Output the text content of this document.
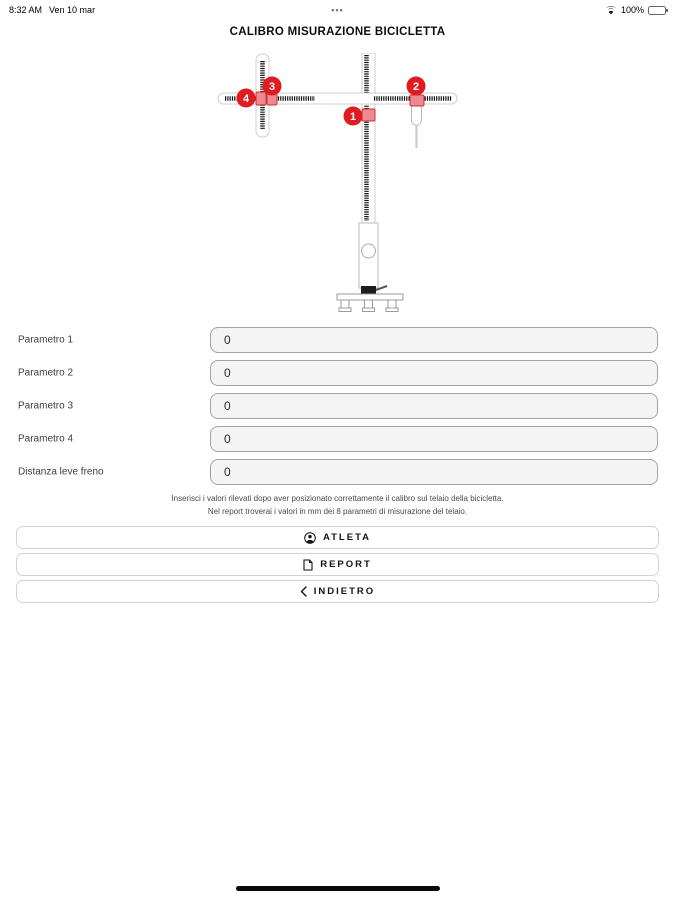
8:32 AM Ven 10 mar	•••	100%
CALIBRO MISURAZIONE BICICLETTA
4
3
1
2
Parametro 1
0
Parametro 2
0
Parametro 3
0
Parametro 4
0
Distanza leve freno
0
Inserisci i valori rilevati dopo aver posizionato correttamente il calibro sul telaio della bicicletta.
Nel report troverai i valori in mm dei 8 parametri di misurazione del telaio.
ATLETA
REPORT
INDIETRO
